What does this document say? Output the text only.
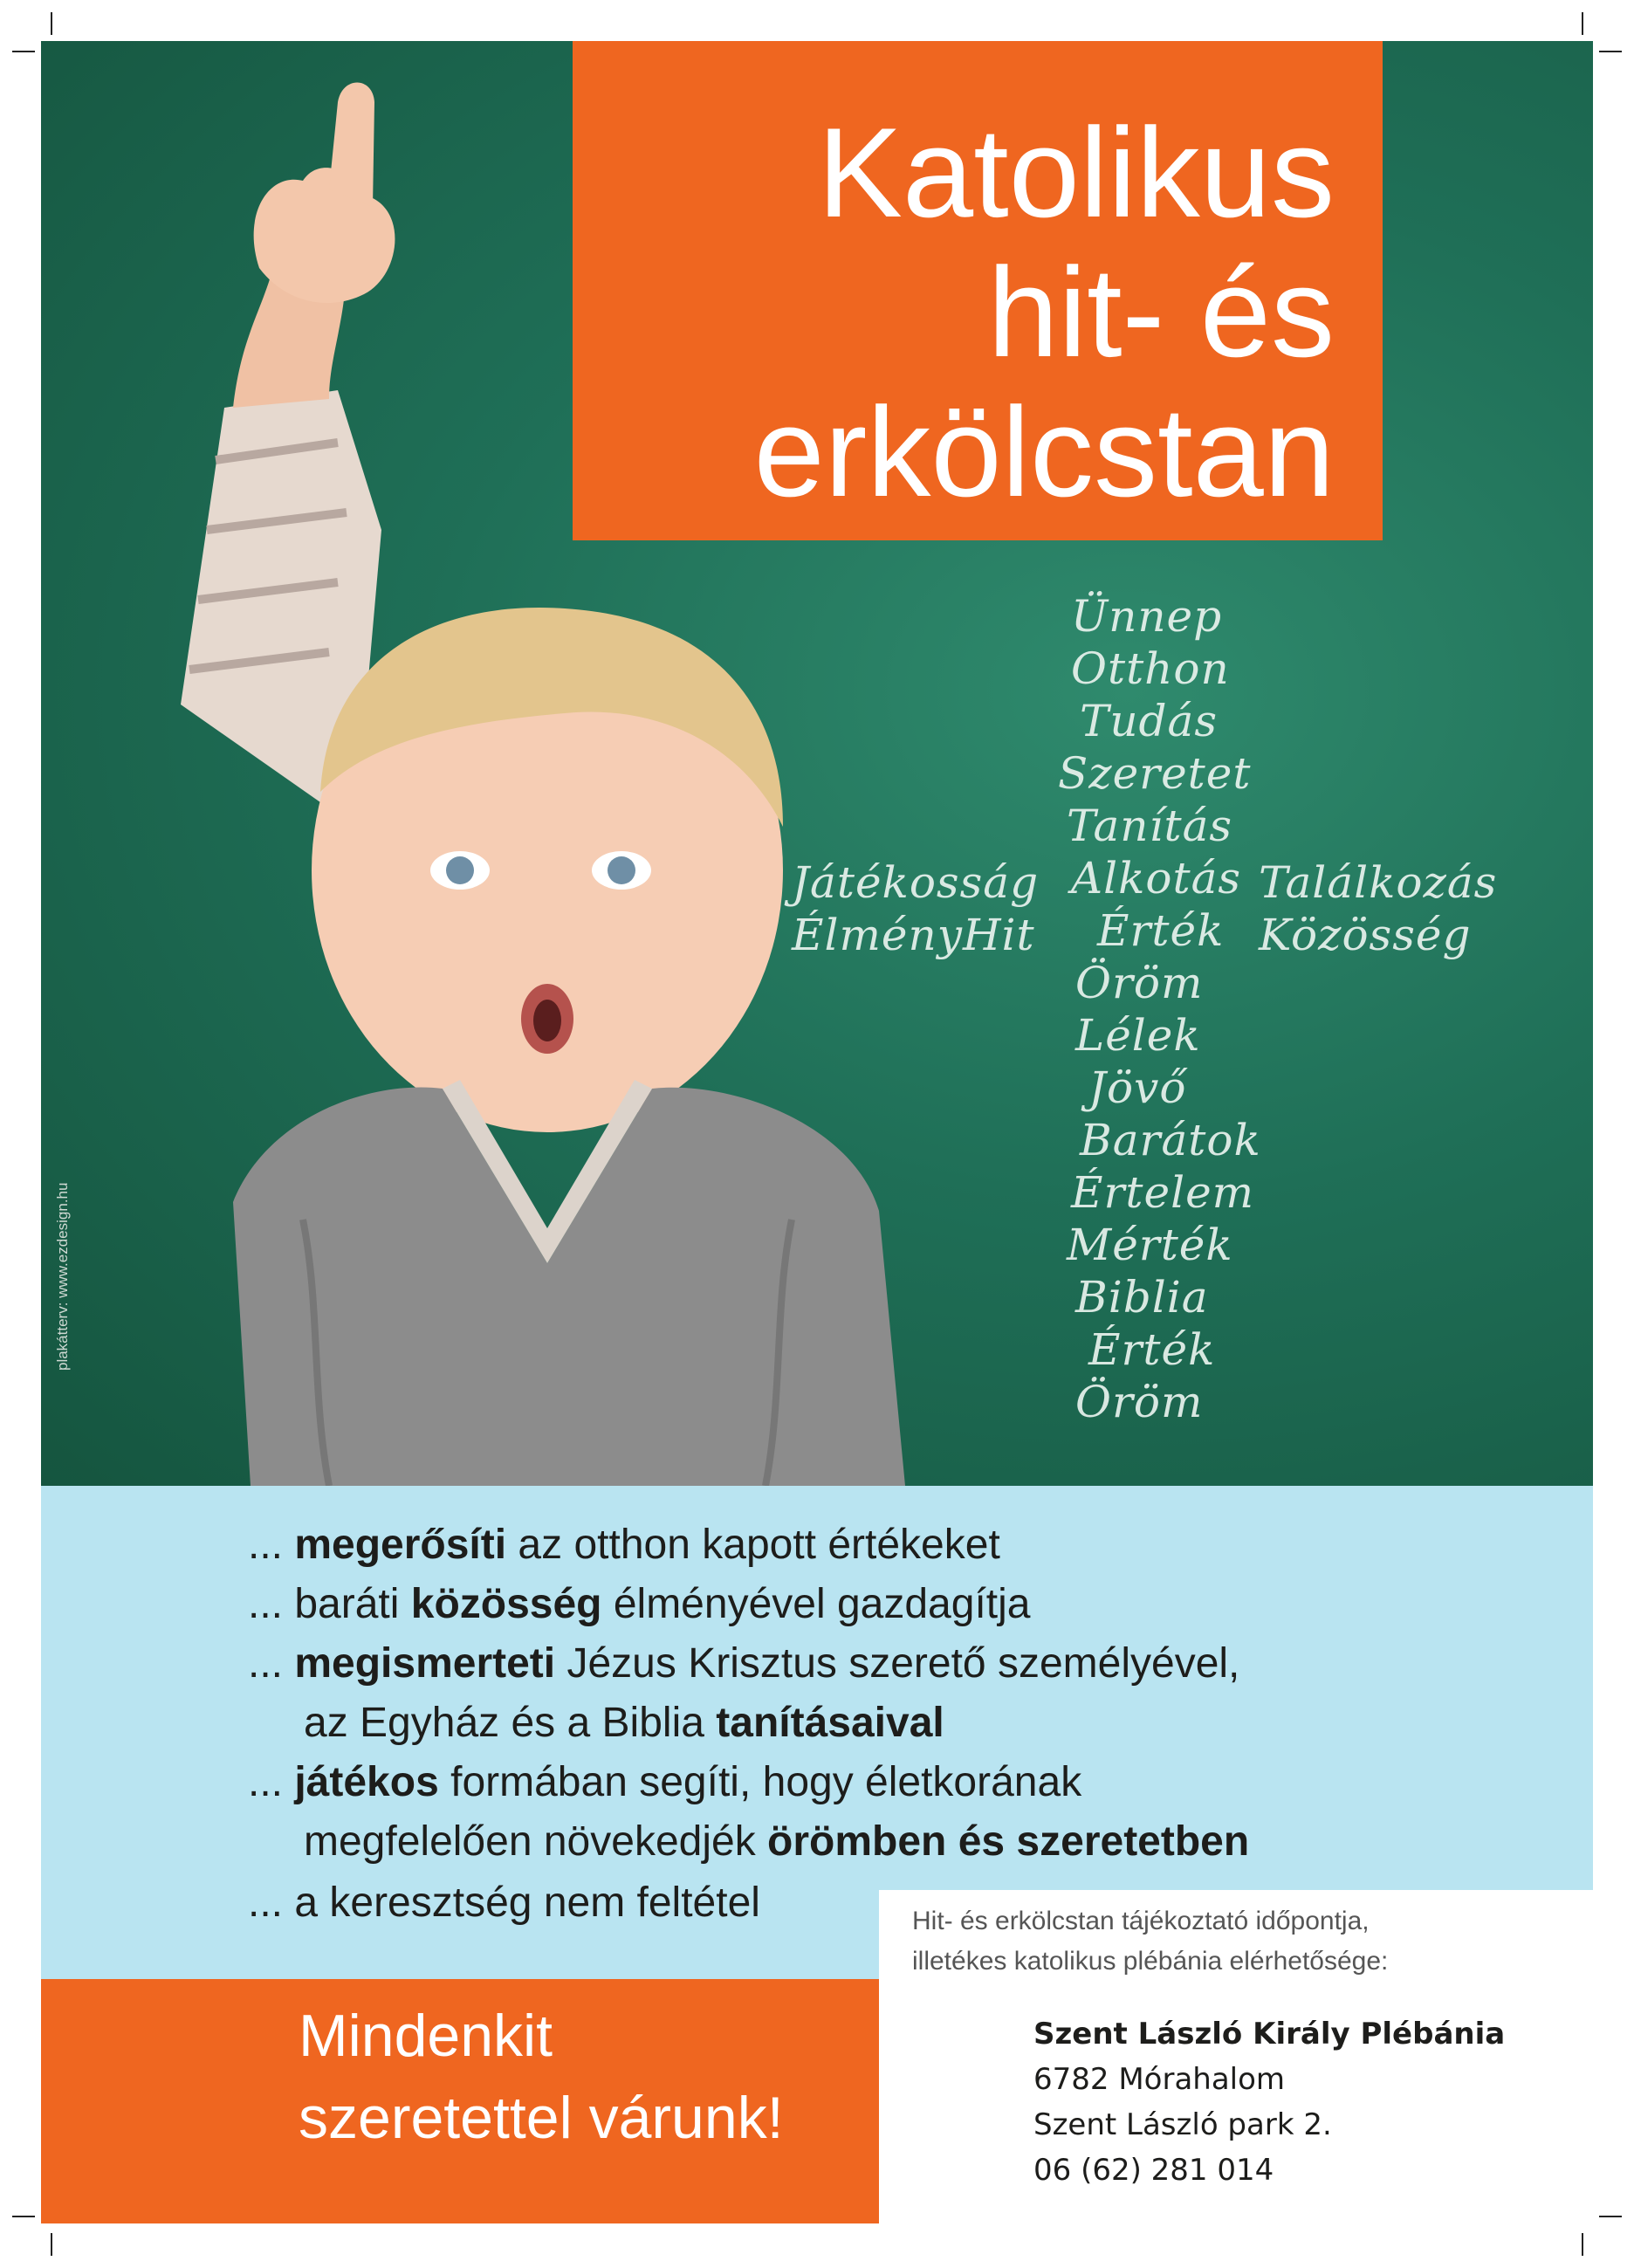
Ünnep
Otthon
Tudás
Szeretet
Tanítás
Alkotás
Érték
Öröm
Lélek
Jövő
Barátok
Értelem
Mérték
Biblia
Érték
Öröm
Játékosság
ÉlményHit
Találkozás
Közösség
plakátterv: www.ezdesign.hu
Katolikus
hit- és
erkölcstan
... megerősíti az otthon kapott értékeket
... baráti közösség élményével gazdagítja
... megismerteti Jézus Krisztus szerető személyével,
az Egyház és a Biblia tanításaival
... játékos formában segíti, hogy életkorának
megfelelően növekedjék örömben és szeretetben
... a keresztség nem feltétel
Mindenkit
szeretettel várunk!
Hit- és erkölcstan tájékoztató időpontja,
illetékes katolikus plébánia elérhetősége:
Szent László Király Plébánia
6782 Mórahalom
Szent László park 2.
06 (62) 281 014
